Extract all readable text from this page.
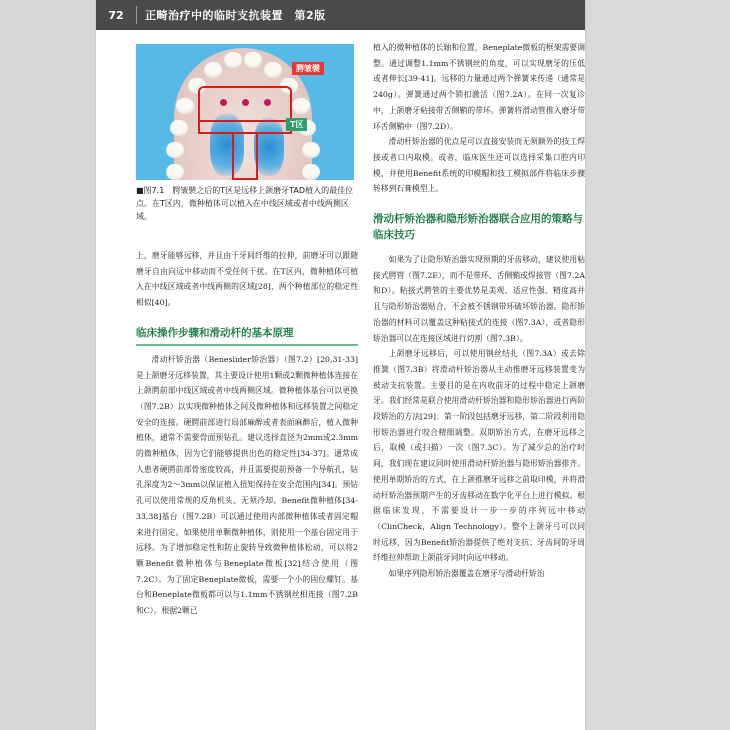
72	正畸治疗中的临时支抗装置　第2版
腭皱襞
T区
■图7.1　腭皱襞之后的T区是远移上颌磨牙TAD植入的最佳位点。在T区内，微种植体可以植入在中线区域或者中线两侧区域。

上，磨牙能够远移，并且由于牙间纤维的拉伸，前磨牙可以跟随磨牙自由向远中移动而不受任何干扰。在T区内，微种植体可植入在中线区域或者中线两侧的区域[28]，两个种植部位的稳定性相似[40]。

临床操作步骤和滑动杆的基本原理

滑动杆矫治器（Beneslider矫治器）（图7.2）[20,31-33]是上颌磨牙远移装置，其主要设计使用1颗或2颗微种植体连接在上颌腭前部中线区域或者中线两侧区域。微种植体基台可以更换（图7.2B）以实现微种植体之间及微种植体和远移装置之间稳定安全的连接。硬腭前部进行局部麻醉或者表面麻醉后，植入微种植体，通常不需要骨面预钻孔。建议选择直径为2mm或2.3mm的微种植体，因为它们能够提供出色的稳定性[34-37]。通常成人患者硬腭前部骨密度较高，并且需要提前预备一个导航孔，钻孔深度为2～3mm以保证植入扭矩保持在安全范围内[34]。预钻孔可以使用常规的反角机头、无须冷却。Benefit微种植体[34-33,38]基台（图7.2B）可以通过使用内部微种植体或者固定帽来进行固定。如果使用单颗微种植体，则使用一个基台固定用于远移。为了增加稳定性和防止旋转导致微种植体松动，可以将2颗Benefit微种植体与Beneplate微板[32]结合使用（图7.2C）。为了固定Beneplate微板，需要一个小的固位螺钉。基台和Beneplate微板都可以与1.1mm不锈钢丝相连接（图7.2B和C）。根据2颗已

植入的微种植体的长轴和位置，Beneplate微板的框架需要调整。通过调整1.1mm不锈钢丝的角度，可以实现磨牙的压低或者伸长[39-41]。远移的力量通过两个弹簧来传递（通常是240g）。弹簧通过两个锁扣激活（图7.2A）。在同一次复诊中，上颌磨牙粘接带舌侧鞘的带环。弹簧将滑动管推入磨牙带环舌侧鞘中（图7.2D）。

滑动杆矫治器的优点是可以直接安装而无须额外的技工焊接或者口内取模。或者，临床医生还可以选择采集口腔内印模，并使用Benefit系统的印模帽和技工模拟部件将临床步骤转移到石膏模型上。

滑动杆矫治器和隐形矫治器联合应用的策略与临床技巧

如果为了让隐形矫治器实现预期的牙齿移动，建议使用粘接式腭管（图7.2E），而不是带环、舌侧鞘或焊接管（图7.2A和D）。粘接式腭管的主要优势是美观、适应性强、精度高并且与隐形矫治器贴合，不会被不锈钢带环破坏矫治器。隐形矫治器的材料可以覆盖这种粘接式的连接（图7.3A），或者隐形矫治器可以在连接区域进行切割（图7.3B）。

上颌磨牙远移后，可以使用钢丝结扎（图7.3A）或去除推簧（图7.3B）将滑动杆矫治器从主动推磨牙远移装置变为被动支抗装置。主要目的是在内收前牙的过程中稳定上颌磨牙。我们经常是联合使用滑动杆矫治器和隐形矫治器进行两阶段矫治的方法[29]：第一阶段包括磨牙远移，第二阶段利用隐形矫治器进行咬合精细调整。双期矫治方式，在磨牙远移之后，取模（或扫描）一次（图7.3C）。为了减少总的治疗时间，我们现在建议同时使用滑动杆矫治器与隐形矫治器排齐。使用单期矫治的方式，在上颌推磨牙远移之前取印模，并将滑动杆矫治器预期产生的牙齿移动在数字化平台上进行模拟。根据临床发现，不需要设计一步一步的序列远中移动（ClinCheck，Align Technology）。整个上颌牙弓可以同时远移，因为Benefit矫治器提供了绝对支抗；牙齿间的牙周纤维拉伸帮助上颌前牙同时向远中移动。

如果序列隐形矫治器覆盖在磨牙与滑动杆矫治
